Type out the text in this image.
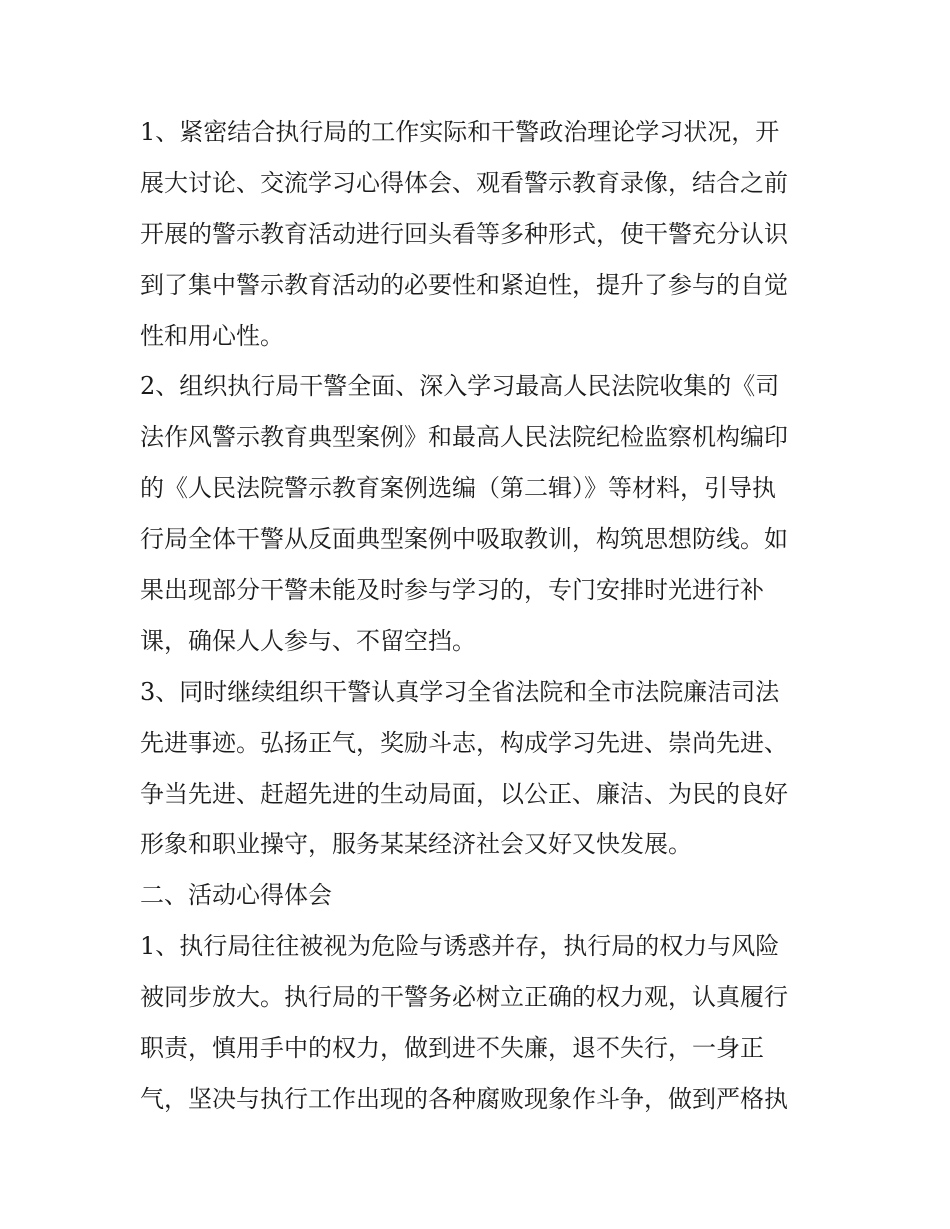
1、紧密结合执行局的工作实际和干警政治理论学习状况，开
展大讨论、交流学习心得体会、观看警示教育录像，结合之前
开展的警示教育活动进行回头看等多种形式，使干警充分认识
到了集中警示教育活动的必要性和紧迫性，提升了参与的自觉
性和用心性。
2、组织执行局干警全面、深入学习最高人民法院收集的《司
法作风警示教育典型案例》和最高人民法院纪检监察机构编印
的《人民法院警示教育案例选编（第二辑）》等材料，引导执
行局全体干警从反面典型案例中吸取教训，构筑思想防线。如
果出现部分干警未能及时参与学习的，专门安排时光进行补
课，确保人人参与、不留空挡。
3、同时继续组织干警认真学习全省法院和全市法院廉洁司法
先进事迹。弘扬正气，奖励斗志，构成学习先进、崇尚先进、
争当先进、赶超先进的生动局面，以公正、廉洁、为民的良好
形象和职业操守，服务某某经济社会又好又快发展。
二、活动心得体会
1、执行局往往被视为危险与诱惑并存，执行局的权力与风险
被同步放大。执行局的干警务必树立正确的权力观，认真履行
职责，慎用手中的权力，做到进不失廉，退不失行，一身正
气，坚决与执行工作出现的各种腐败现象作斗争，做到严格执
